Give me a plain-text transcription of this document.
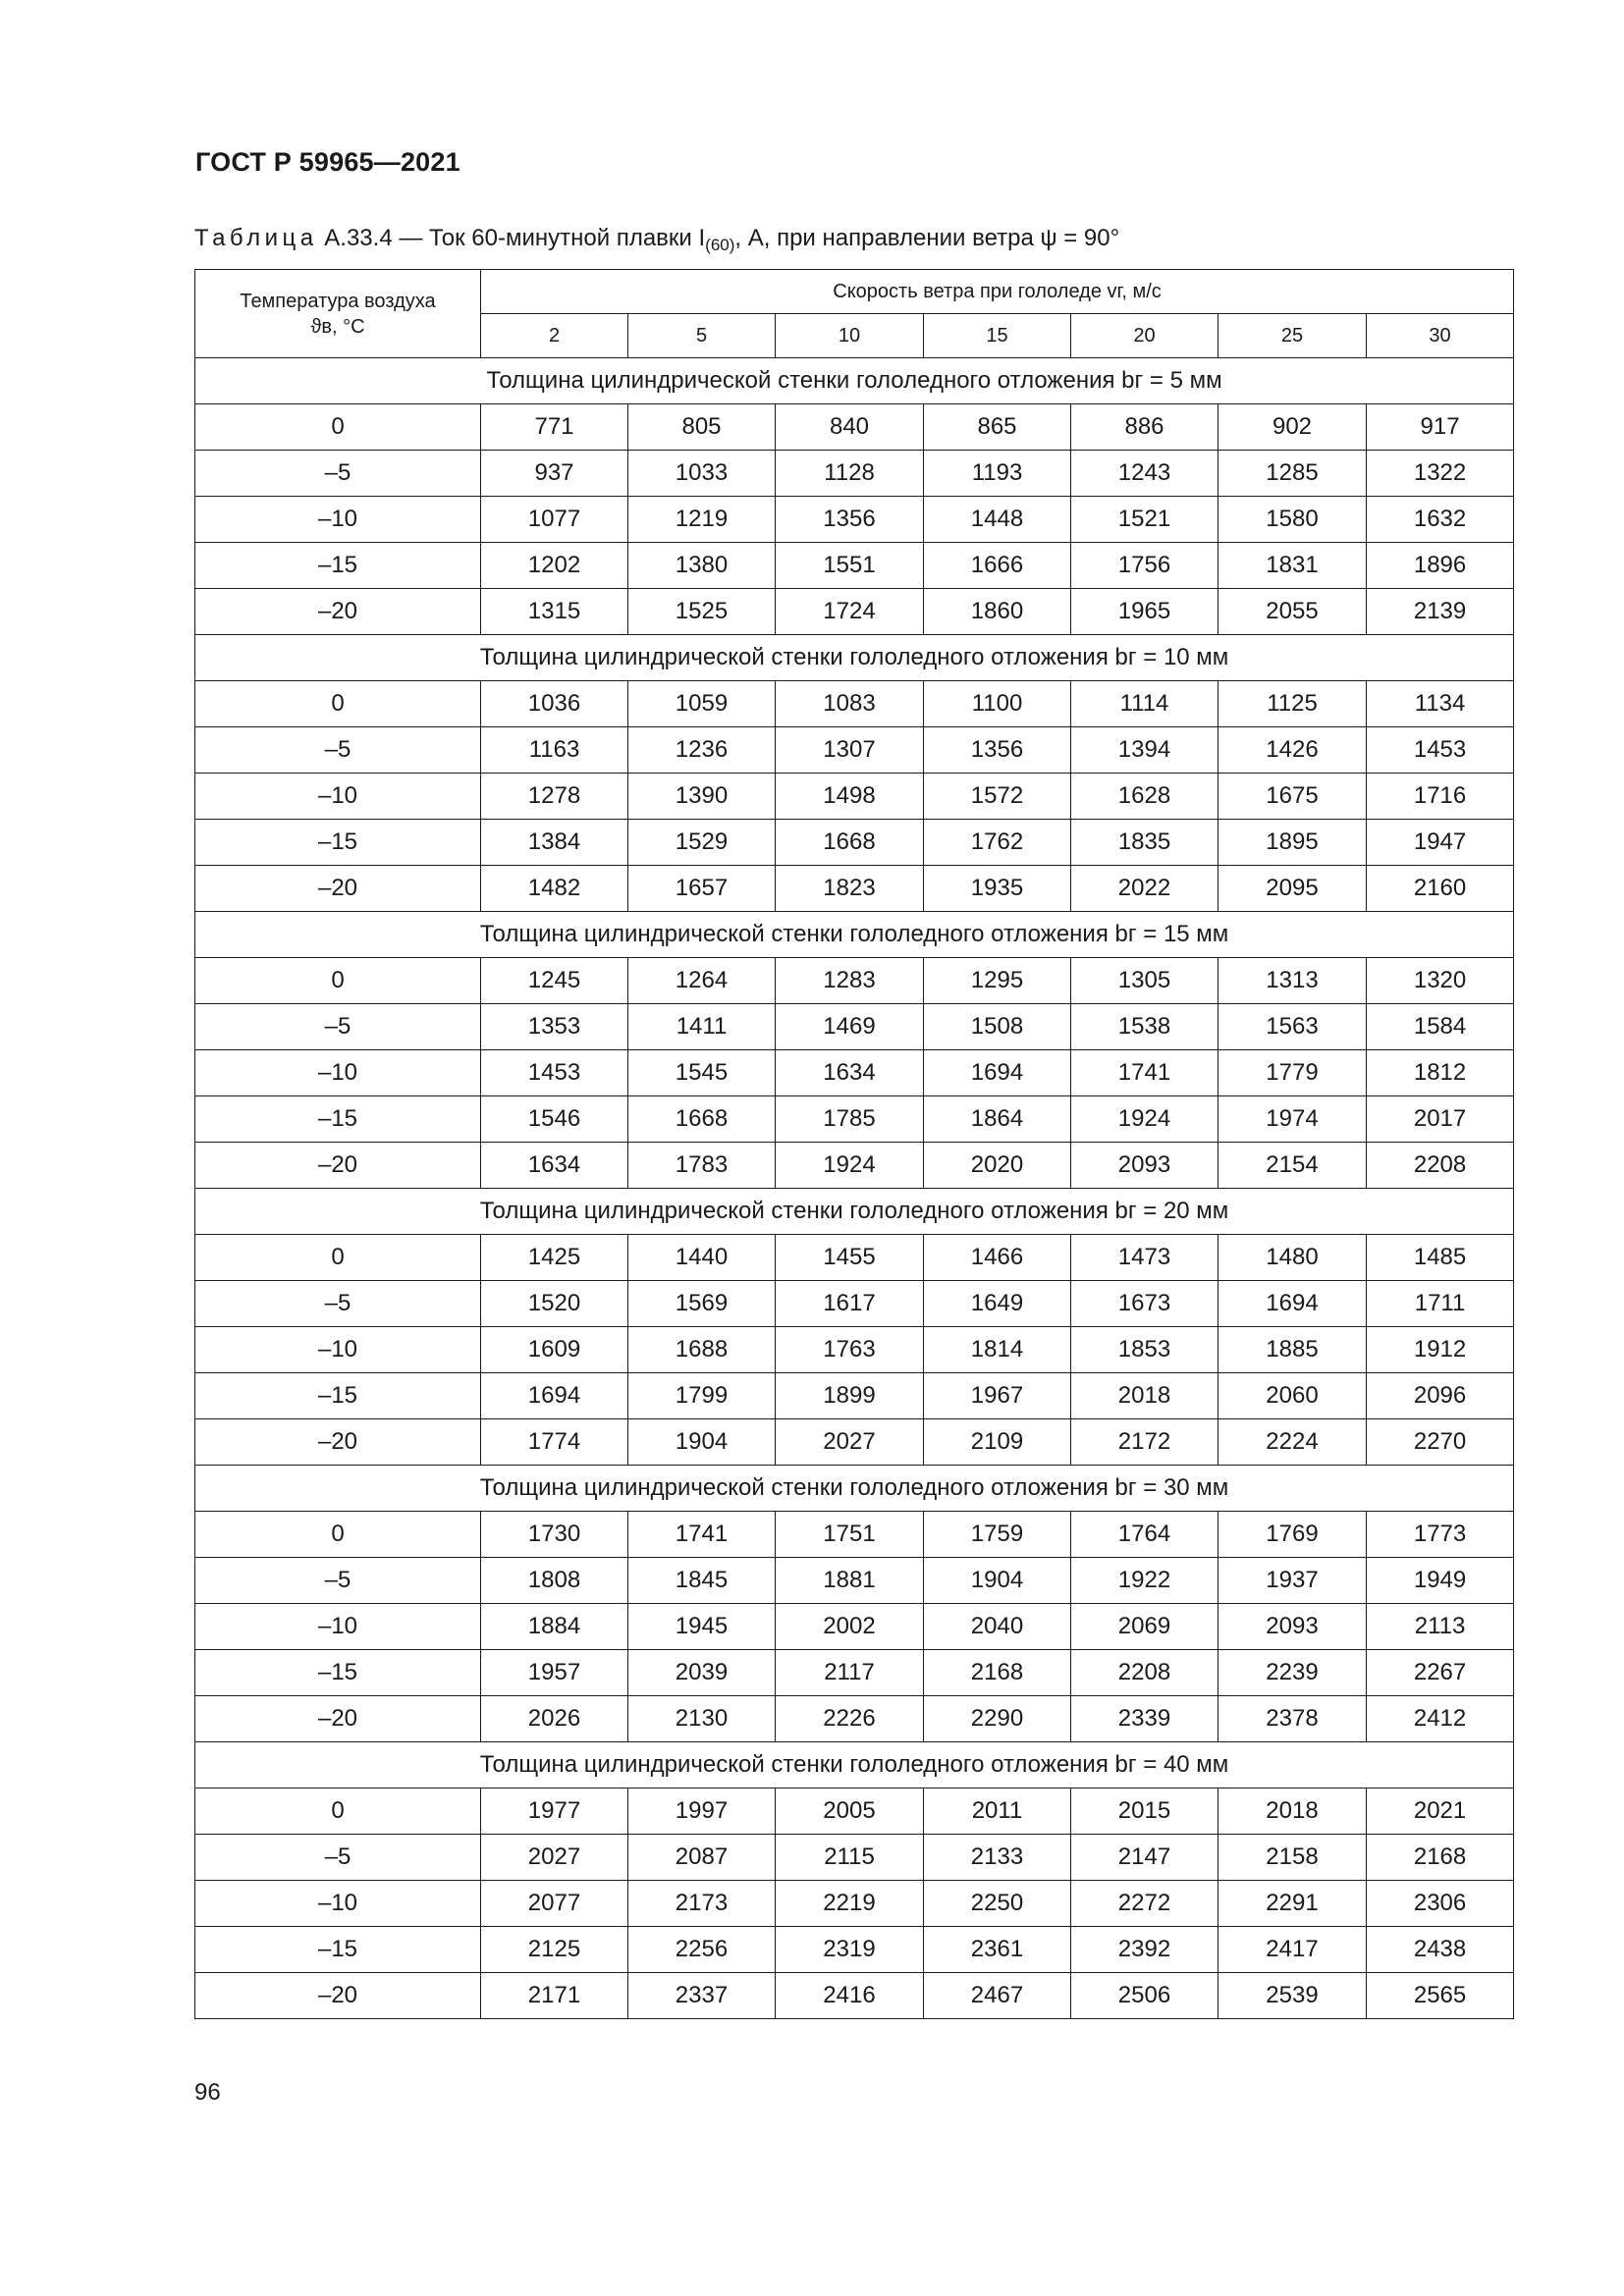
ГОСТ Р 59965—2021
Таблица А.33.4 — Ток 60-минутной плавки $I_{(60)}$, А, при направлении ветра ψ = 90°
Температура воздуха
ϑв, °С	Скорость ветра при гололеде vг, м/с						
	2	5	10	15	20	25	30
Толщина цилиндрической стенки гололедного отложения bг = 5 мм							
0	771	805	840	865	886	902	917
–5	937	1033	1128	1193	1243	1285	1322
–10	1077	1219	1356	1448	1521	1580	1632
–15	1202	1380	1551	1666	1756	1831	1896
–20	1315	1525	1724	1860	1965	2055	2139
Толщина цилиндрической стенки гололедного отложения bг = 10 мм							
0	1036	1059	1083	1100	1114	1125	1134
–5	1163	1236	1307	1356	1394	1426	1453
–10	1278	1390	1498	1572	1628	1675	1716
–15	1384	1529	1668	1762	1835	1895	1947
–20	1482	1657	1823	1935	2022	2095	2160
Толщина цилиндрической стенки гололедного отложения bг = 15 мм							
0	1245	1264	1283	1295	1305	1313	1320
–5	1353	1411	1469	1508	1538	1563	1584
–10	1453	1545	1634	1694	1741	1779	1812
–15	1546	1668	1785	1864	1924	1974	2017
–20	1634	1783	1924	2020	2093	2154	2208
Толщина цилиндрической стенки гололедного отложения bг = 20 мм							
0	1425	1440	1455	1466	1473	1480	1485
–5	1520	1569	1617	1649	1673	1694	1711
–10	1609	1688	1763	1814	1853	1885	1912
–15	1694	1799	1899	1967	2018	2060	2096
–20	1774	1904	2027	2109	2172	2224	2270
Толщина цилиндрической стенки гололедного отложения bг = 30 мм							
0	1730	1741	1751	1759	1764	1769	1773
–5	1808	1845	1881	1904	1922	1937	1949
–10	1884	1945	2002	2040	2069	2093	2113
–15	1957	2039	2117	2168	2208	2239	2267
–20	2026	2130	2226	2290	2339	2378	2412
Толщина цилиндрической стенки гололедного отложения bг = 40 мм							
0	1977	1997	2005	2011	2015	2018	2021
–5	2027	2087	2115	2133	2147	2158	2168
–10	2077	2173	2219	2250	2272	2291	2306
–15	2125	2256	2319	2361	2392	2417	2438
–20	2171	2337	2416	2467	2506	2539	2565
96
